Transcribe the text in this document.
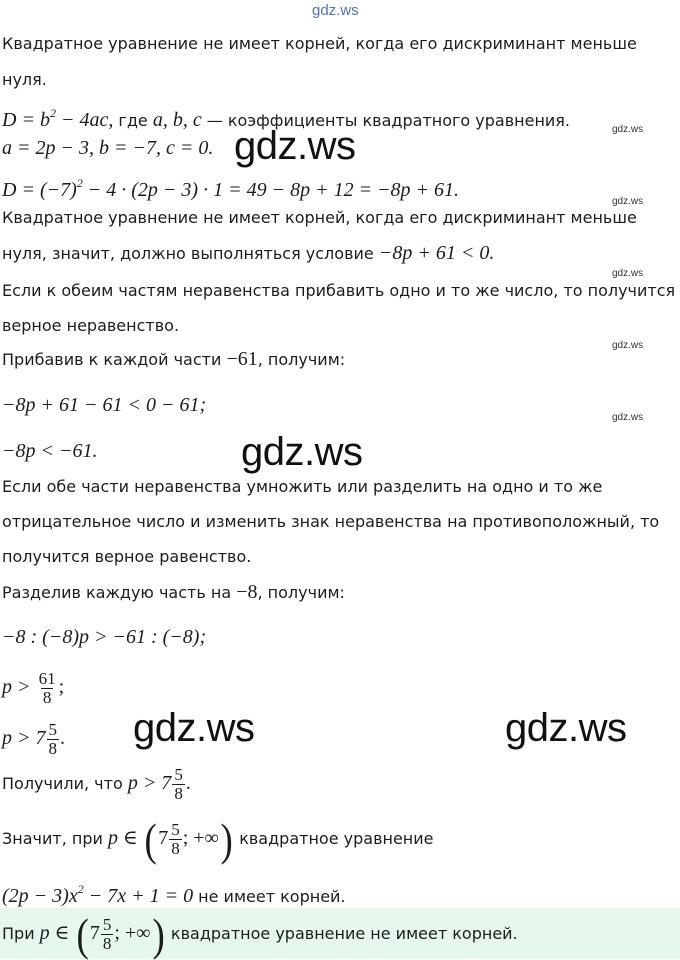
gdz.ws
Квадратное уравнение не имеет корней, когда его дискриминант меньше
нуля.
$D = b^2 - 4ac$, где a, b, c — коэффициенты квадратного уравнения.	gdz.ws
a = 2p − 3, b = −7, c = 0. gdz.ws
$D = (-7)^2 - 4 \cdot (2p - 3) \cdot 1 = 49 - 8p + 12 = -8p + 61$.
gdz.ws
Квадратное уравнение не имеет корней, когда его дискриминант меньше
нуля, значит, должно выполняться условие −8p + 61 < 0.
gdz.ws
Если к обеим частям неравенства прибавить одно и то же число, то получится
верное неравенство.
gdz.ws
Прибавив к каждой части −61, получим:
−8p + 61 − 61 < 0 − 61;
gdz.ws
−8p < −61.	gdz.ws
Если обе части неравенства умножить или разделить на одно и то же
отрицательное число и изменить знак неравенства на противоположный, то
получится верное равенство.
Разделив каждую часть на −8, получим:
−8 : (−8)p > −61 : (−8);
$p > \frac{61}{8}$ ;
$p > 7 \frac{5}{8}$ . gdz.ws	gdz.ws
Получили, что $p > 7 \frac{5}{8}$ .
Значит, при p ∈ ($7 \frac{5}{8}$ ; +∞) квадратное уравнение
$(2p - 3)x^2 - 7x + 1 = 0$ не имеет корней.
При p ∈ ($7 \frac{5}{8}$ ; +∞) квадратное уравнение не имеет корней.
